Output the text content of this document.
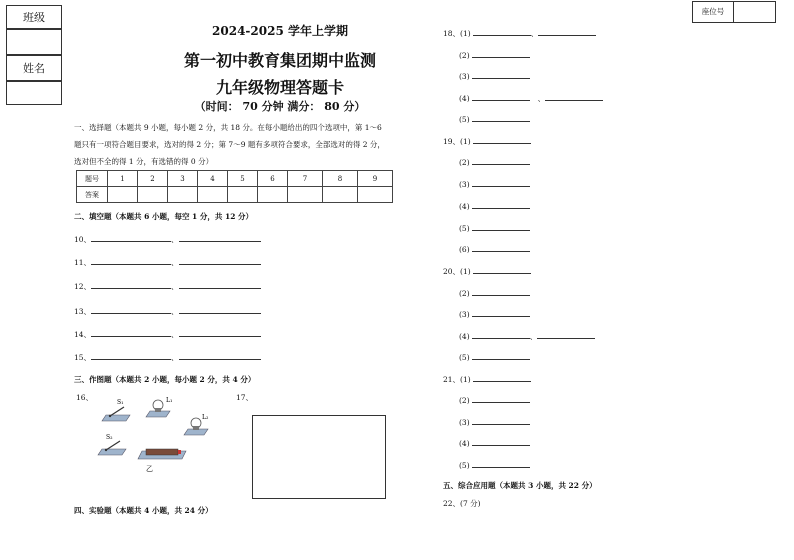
班级
姓名
座位号
2024-2025 学年上学期
第一初中教育集团期中监测
九年级物理答题卡
（时间： 70 分钟 满分： 80 分）
一、选择题（本题共 9 小题，每小题 2 分，共 18 分。在每小题给出的四个选项中，第 1～6
题只有一项符合题目要求，选对的得 2 分；第 7～9 题有多项符合要求，全部选对的得 2 分，
选对但不全的得 1 分，有选错的得 0 分）
题号	1	2	3	4	5	6	7	8	9
答案									
二、填空题（本题共 6 小题，每空 1 分，共 12 分）
10、	、
11、	、
12、	、
13、	、
14、	、
15、	、
三、作图题（本题共 2 小题，每小题 2 分，共 4 分）
16、	17、
S₁	L₁
L₂
S₂
乙
四、实验题（本题共 4 小题，共 24 分）
18、(1)	、
(2)
(3)
(4)	、
(5)
19、(1)
(2)
(3)
(4)
(5)
(6)
20、(1)
(2)
(3)
(4)	、
(5)
21、(1)
(2)
(3)
(4)
(5)
五、综合应用题（本题共 3 小题，共 22 分）
22、(7 分)
